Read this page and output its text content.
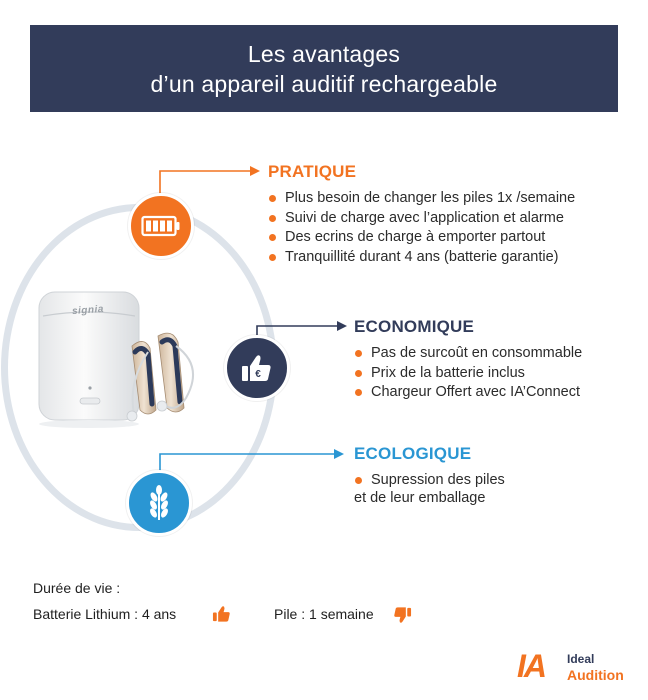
Les avantages
d’un appareil auditif rechargeable
signia
€
PRATIQUE
Plus besoin de changer les piles 1x /semaine
Suivi de charge avec l’application et alarme
Des ecrins de charge à emporter partout
Tranquillité durant 4 ans (batterie garantie)
ECONOMIQUE
Pas de surcoût en consommable
Prix de la batterie inclus
Chargeur Offert avec IA’Connect
ECOLOGIQUE
Supression des piles
et de leur emballage
Durée de vie :
Batterie Lithium : 4 ans	Pile : 1 semaine
IA Ideal
Audition
